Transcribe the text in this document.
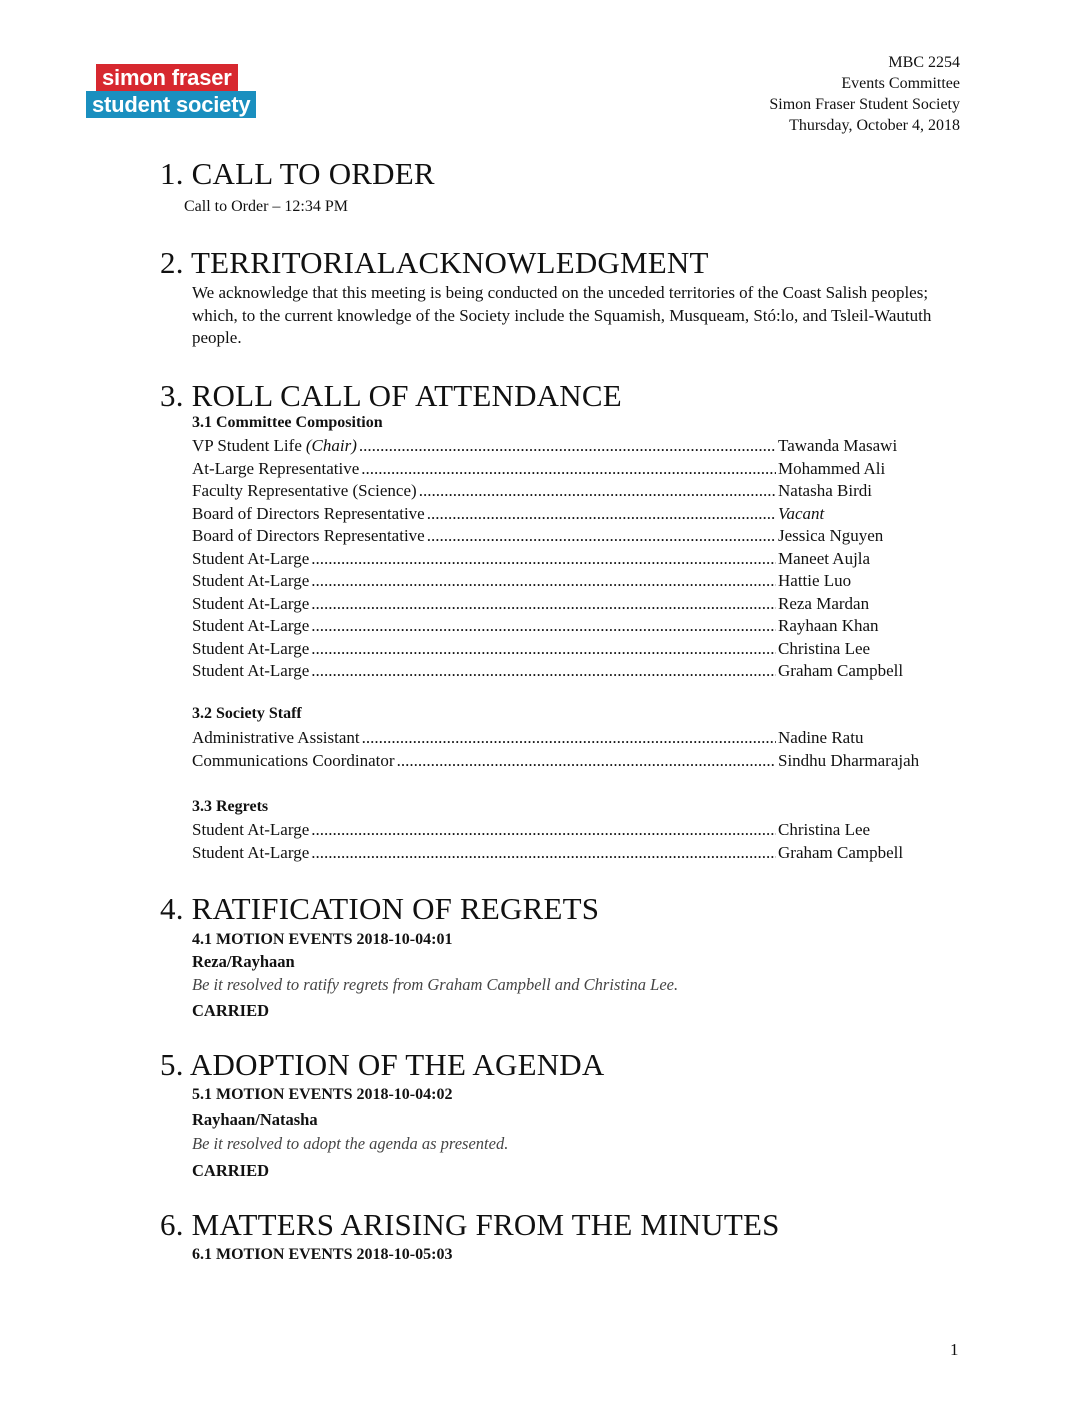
simon fraser
student society
MBC 2254
Events Committee
Simon Fraser Student Society
Thursday, October 4, 2018
1. CALL TO ORDER
Call to Order – 12:34 PM
2. TERRITORIALACKNOWLEDGMENT
We acknowledge that this meeting is being conducted on the unceded territories of the Coast Salish peoples; which, to the current knowledge of the Society include the Squamish, Musqueam, Stó:lo, and Tsleil-Waututh people.
3. ROLL CALL OF ATTENDANCE
3.1 Committee Composition
VP Student Life (Chair) .....	Tawanda Masawi
At-Large Representative .....	Mohammed Ali
Faculty Representative (Science) .....	Natasha Birdi
Board of Directors Representative .....	Vacant
Board of Directors Representative .....	Jessica Nguyen
Student At-Large .....	Maneet Aujla
Student At-Large .....	Hattie Luo
Student At-Large .....	Reza Mardan
Student At-Large .....	Rayhaan Khan
Student At-Large .....	Christina Lee
Student At-Large .....	Graham Campbell
3.2 Society Staff
Administrative Assistant .....	Nadine Ratu
Communications Coordinator .....	Sindhu Dharmarajah
3.3 Regrets
Student At-Large .....	Christina Lee
Student At-Large .....	Graham Campbell
4. RATIFICATION OF REGRETS
4.1 MOTION EVENTS 2018-10-04:01
Reza/Rayhaan
Be it resolved to ratify regrets from Graham Campbell and Christina Lee.
CARRIED
5. ADOPTION OF THE AGENDA
5.1 MOTION EVENTS 2018-10-04:02
Rayhaan/Natasha
Be it resolved to adopt the agenda as presented.
CARRIED
6. MATTERS ARISING FROM THE MINUTES
6.1 MOTION EVENTS 2018-10-05:03
1
